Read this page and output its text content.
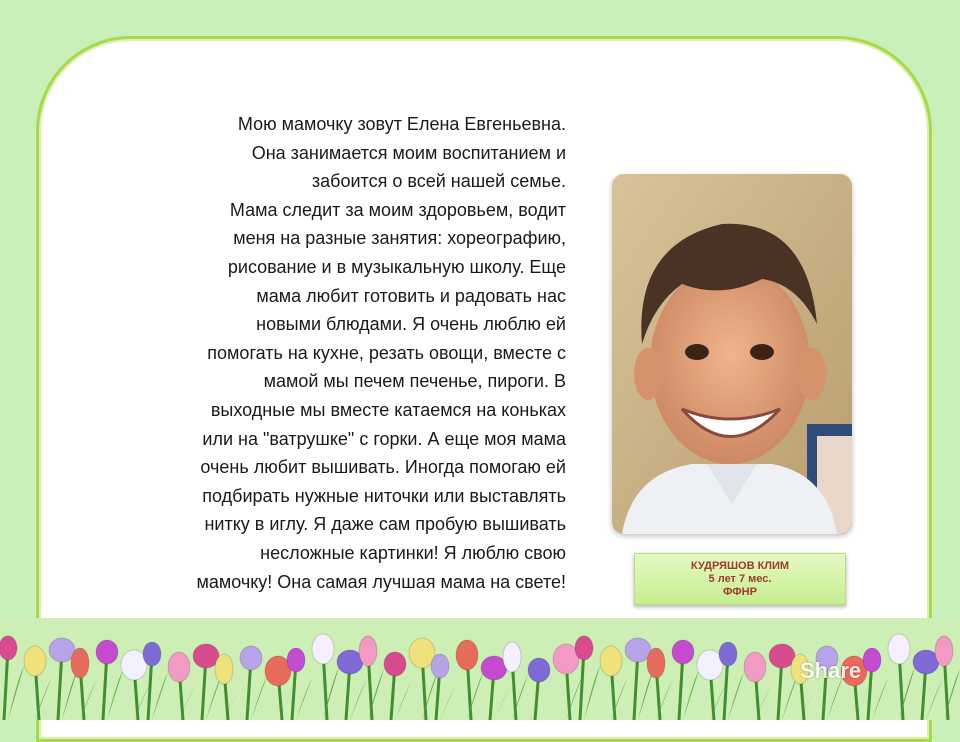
Мою мамочку зовут Елена Евгеньевна.
Она занимается моим воспитанием и
забоится о всей нашей семье.
Мама следит за моим здоровьем, водит
меня на разные занятия: хореографию,
рисование и в музыкальную школу. Еще
мама любит готовить и радовать нас
новыми блюдами. Я очень люблю ей
помогать на кухне, резать овощи, вместе с
мамой мы печем печенье, пироги. В
выходные мы вместе катаемся на коньках
или на "ватрушке" с горки. А еще моя мама
очень любит вышивать. Иногда помогаю ей
подбирать нужные ниточки или выставлять
нитку в иглу. Я даже сам пробую вышивать
несложные картинки! Я люблю свою
мамочку! Она самая лучшая мама на свете!
КУДРЯШОВ КЛИМ
5 лет 7 мес.
ФФНР
Share
